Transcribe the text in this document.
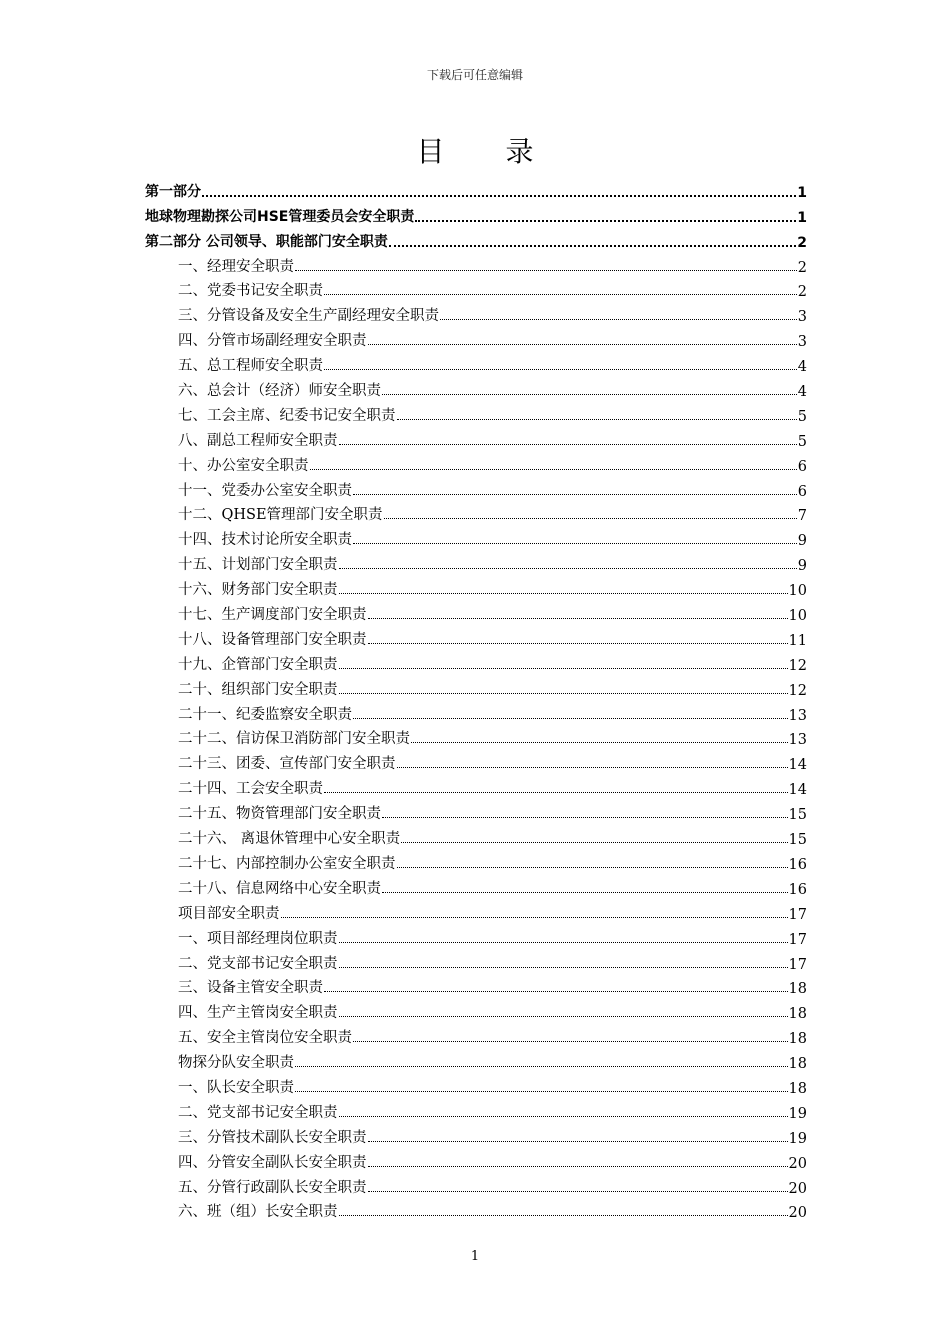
下载后可任意编辑
目 录
第一部分	1
地球物理勘探公司HSE管理委员会安全职责	1
第二部分 公司领导、职能部门安全职责	2
一、经理安全职责	2
二、党委书记安全职责	2
三、分管设备及安全生产副经理安全职责	3
四、分管市场副经理安全职责	3
五、总工程师安全职责	4
六、总会计（经济）师安全职责	4
七、工会主席、纪委书记安全职责	5
八、副总工程师安全职责	5
十、办公室安全职责	6
十一、党委办公室安全职责	6
十二、QHSE管理部门安全职责	7
十四、技术讨论所安全职责	9
十五、计划部门安全职责	9
十六、财务部门安全职责	10
十七、生产调度部门安全职责	10
十八、设备管理部门安全职责	11
十九、企管部门安全职责	12
二十、组织部门安全职责	12
二十一、纪委监察安全职责	13
二十二、信访保卫消防部门安全职责	13
二十三、团委、宣传部门安全职责	14
二十四、工会安全职责	14
二十五、物资管理部门安全职责	15
二十六、 离退休管理中心安全职责	15
二十七、内部控制办公室安全职责	16
二十八、信息网络中心安全职责	16
项目部安全职责	17
一、项目部经理岗位职责	17
二、党支部书记安全职责	17
三、设备主管安全职责	18
四、生产主管岗安全职责	18
五、安全主管岗位安全职责	18
物探分队安全职责	18
一、队长安全职责	18
二、党支部书记安全职责	19
三、分管技术副队长安全职责	19
四、分管安全副队长安全职责	20
五、分管行政副队长安全职责	20
六、班（组）长安全职责	20
1
